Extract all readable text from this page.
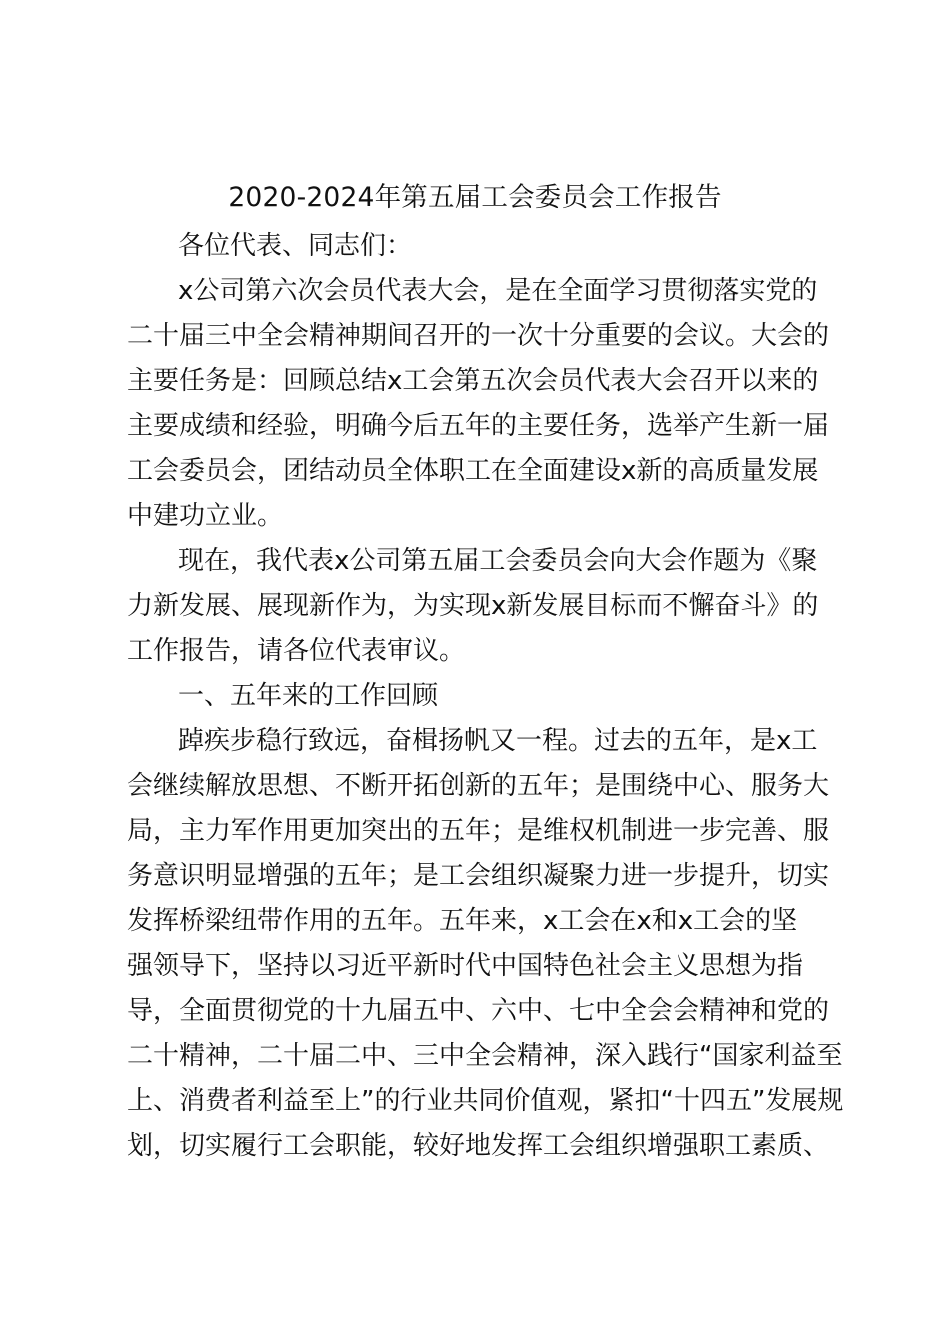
2020-2024年第五届工会委员会工作报告
各位代表、同志们：
x公司第六次会员代表大会，是在全面学习贯彻落实党的
二十届三中全会精神期间召开的一次十分重要的会议。大会的
主要任务是：回顾总结x工会第五次会员代表大会召开以来的
主要成绩和经验，明确今后五年的主要任务，选举产生新一届
工会委员会，团结动员全体职工在全面建设x新的高质量发展
中建功立业。
现在，我代表x公司第五届工会委员会向大会作题为《聚
力新发展、展现新作为，为实现x新发展目标而不懈奋斗》的
工作报告，请各位代表审议。
一、五年来的工作回顾
踔疾步稳行致远，奋楫扬帆又一程。过去的五年，是x工
会继续解放思想、不断开拓创新的五年；是围绕中心、服务大
局，主力军作用更加突出的五年；是维权机制进一步完善、服
务意识明显增强的五年；是工会组织凝聚力进一步提升，切实
发挥桥梁纽带作用的五年。五年来，x工会在x和x工会的坚
强领导下，坚持以习近平新时代中国特色社会主义思想为指
导，全面贯彻党的十九届五中、六中、七中全会会精神和党的
二十精神，二十届二中、三中全会精神，深入践行“国家利益至
上、消费者利益至上”的行业共同价值观，紧扣“十四五”发展规
划，切实履行工会职能，较好地发挥工会组织增强职工素质、
